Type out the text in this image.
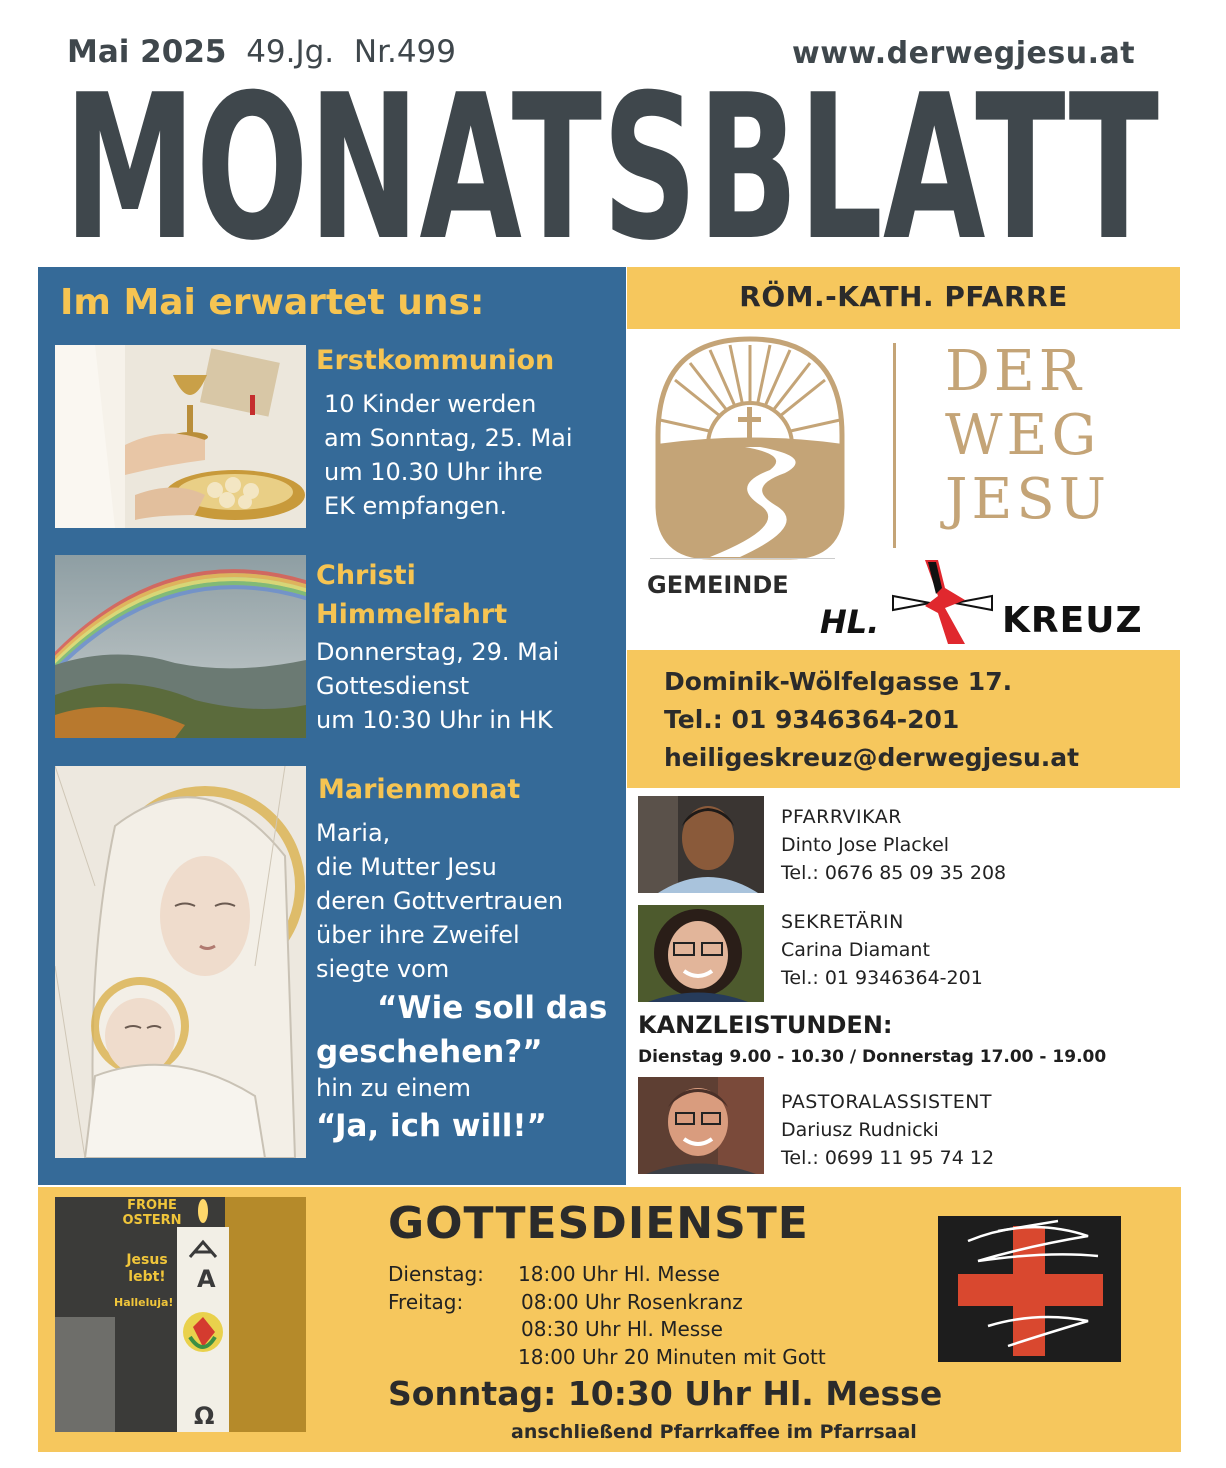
Mai 2025 49.Jg. Nr.499	www.derwegjesu.at
MONATSBLATT
Im Mai erwartet uns:
Erstkommunion
10 Kinder werden
am Sonntag, 25. Mai
um 10.30 Uhr ihre
EK empfangen.
Christi
Himmelfahrt
Donnerstag, 29. Mai
Gottesdienst
um 10:30 Uhr in HK
Marienmonat
Maria,
die Mutter Jesu
deren Gottvertrauen
über ihre Zweifel
siegte vom
“Wie soll das
geschehen?”
hin zu einem
“Ja, ich will!”
RÖM.-KATH. PFARRE
DER
WEG
JESU
GEMEINDE
HL.	KREUZ
Dominik-Wölfelgasse 17.
Tel.: 01 9346364-201
heiligeskreuz@derwegjesu.at
PFARRVIKAR
Dinto Jose Plackel
Tel.: 0676 85 09 35 208
SEKRETÄRIN
Carina Diamant
Tel.: 01 9346364-201
KANZLEISTUNDEN:
Dienstag 9.00 - 10.30 / Donnerstag 17.00 - 19.00
PASTORALASSISTENT
Dariusz Rudnicki
Tel.: 0699 11 95 74 12
FROHE
OSTERN
Jesus
lebt!
Halleluja!
A
Ω
GOTTESDIENSTE
Dienstag: 18:00 Uhr Hl. Messe
Freitag:	08:00 Uhr Rosenkranz
08:30 Uhr Hl. Messe
18:00 Uhr 20 Minuten mit Gott
Sonntag: 10:30 Uhr Hl. Messe
anschließend Pfarrkaffee im Pfarrsaal
